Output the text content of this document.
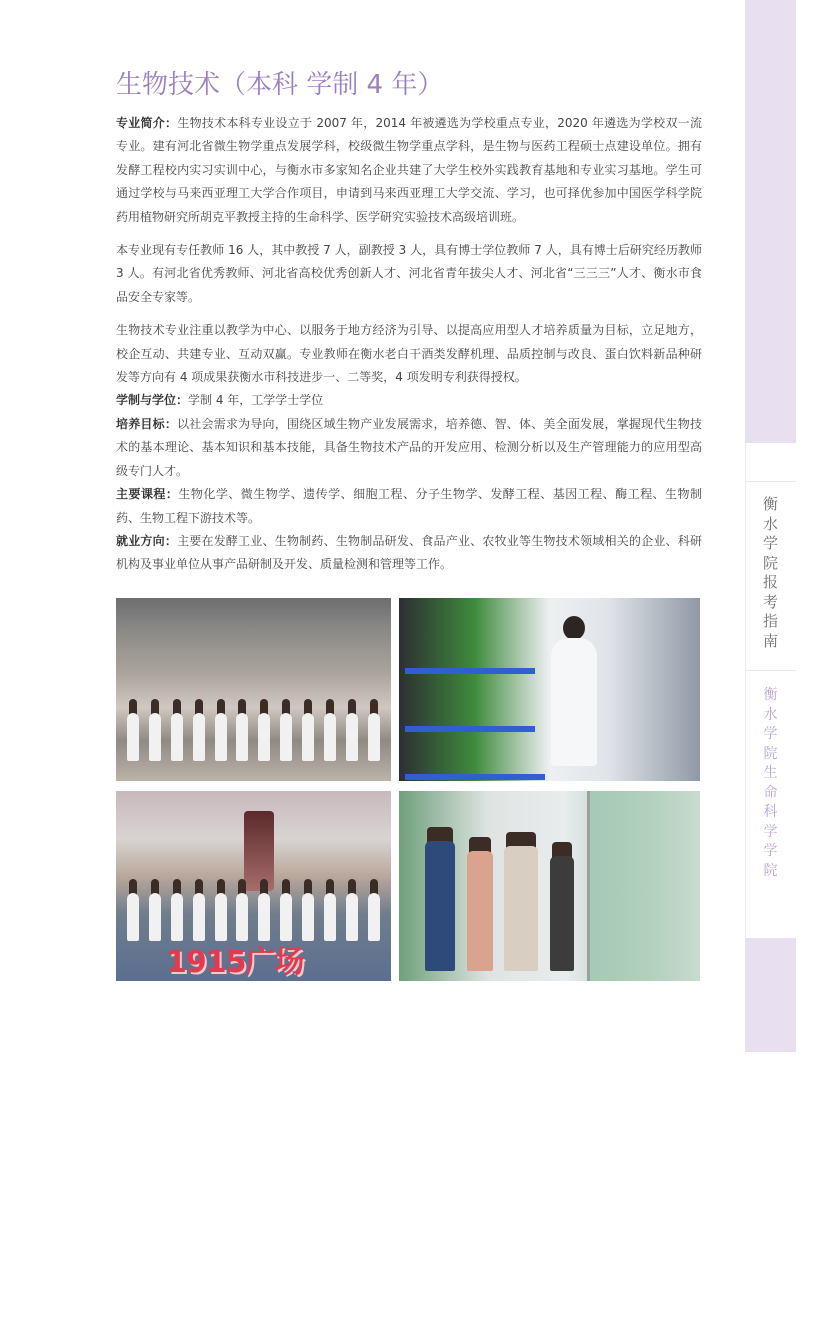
衡
水
学
院
报
考
指
南
衡
水
学
院
生
命
科
学
学
院
生物技术（本科 学制 4 年）

专业简介：生物技术本科专业设立于 2007 年，2014 年被遴选为学校重点专业，2020 年遴选为学校双一流专业。建有河北省微生物学重点发展学科，校级微生物学重点学科，是生物与医药工程硕士点建设单位。拥有发酵工程校内实习实训中心，与衡水市多家知名企业共建了大学生校外实践教育基地和专业实习基地。学生可通过学校与马来西亚理工大学合作项目，申请到马来西亚理工大学交流、学习，也可择优参加中国医学科学院药用植物研究所胡克平教授主持的生命科学、医学研究实验技术高级培训班。

本专业现有专任教师 16 人，其中教授 7 人，副教授 3 人，具有博士学位教师 7 人，具有博士后研究经历教师 3 人。有河北省优秀教师、河北省高校优秀创新人才、河北省青年拔尖人才、河北省“三三三”人才、衡水市食品安全专家等。

生物技术专业注重以教学为中心、以服务于地方经济为引导、以提高应用型人才培养质量为目标，立足地方，校企互动、共建专业、互动双赢。专业教师在衡水老白干酒类发酵机理、品质控制与改良、蛋白饮料新品种研发等方向有 4 项成果获衡水市科技进步一、二等奖，4 项发明专利获得授权。

学制与学位：学制 4 年，工学学士学位

培养目标：以社会需求为导向，围绕区域生物产业发展需求，培养德、智、体、美全面发展，掌握现代生物技术的基本理论、基本知识和基本技能，具备生物技术产品的开发应用、检测分析以及生产管理能力的应用型高级专门人才。

主要课程：生物化学、微生物学、遗传学、细胞工程、分子生物学、发酵工程、基因工程、酶工程、生物制药、生物工程下游技术等。

就业方向：主要在发酵工业、生物制药、生物制品研发、食品产业、农牧业等生物技术领域相关的企业、科研机构及事业单位从事产品研制及开发、质量检测和管理等工作。

1915广场
